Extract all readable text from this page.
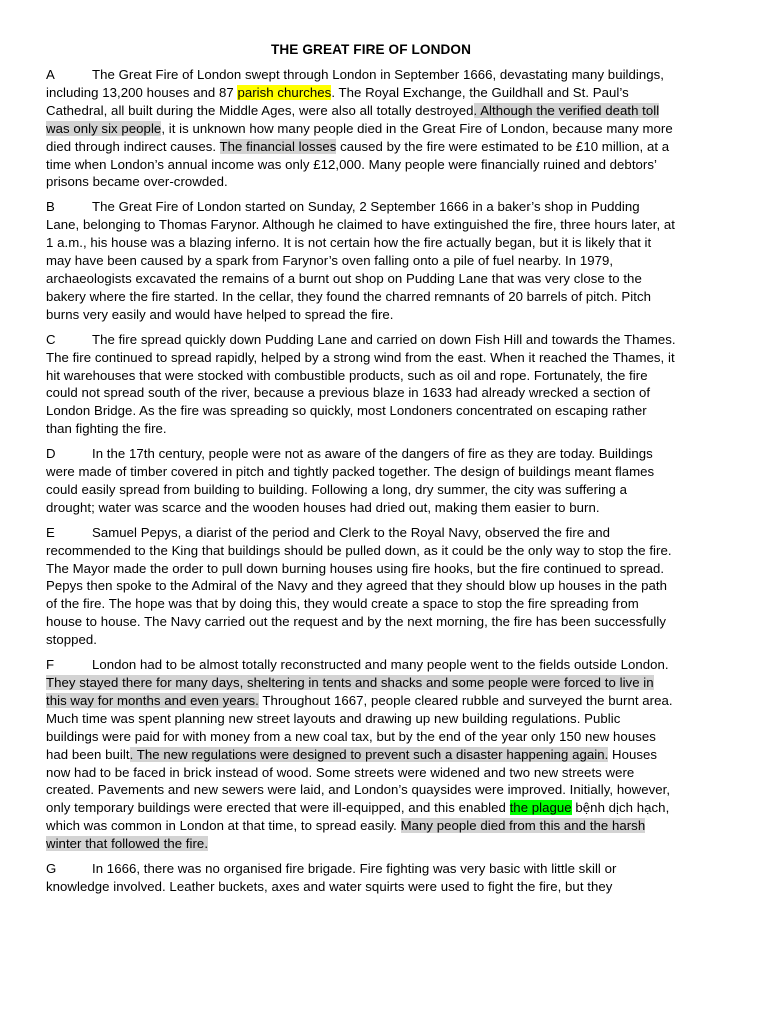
THE GREAT FIRE OF LONDON

A	The Great Fire of London swept through London in September 1666, devastating many buildings, including 13,200 houses and 87 parish churches. The Royal Exchange, the Guildhall and St. Paul’s Cathedral, all built during the Middle Ages, were also all totally destroyed. Although the verified death toll was only six people, it is unknown how many people died in the Great Fire of London, because many more died through indirect causes. The financial losses caused by the fire were estimated to be £10 million, at a time when London’s annual income was only £12,000. Many people were financially ruined and debtors’ prisons became over-crowded.

B	The Great Fire of London started on Sunday, 2 September 1666 in a baker’s shop in Pudding Lane, belonging to Thomas Farynor. Although he claimed to have extinguished the fire, three hours later, at 1 a.m., his house was a blazing inferno. It is not certain how the fire actually began, but it is likely that it may have been caused by a spark from Farynor’s oven falling onto a pile of fuel nearby. In 1979, archaeologists excavated the remains of a burnt out shop on Pudding Lane that was very close to the bakery where the fire started. In the cellar, they found the charred remnants of 20 barrels of pitch. Pitch burns very easily and would have helped to spread the fire.

C	The fire spread quickly down Pudding Lane and carried on down Fish Hill and towards the Thames. The fire continued to spread rapidly, helped by a strong wind from the east. When it reached the Thames, it hit warehouses that were stocked with combustible products, such as oil and rope. Fortunately, the fire could not spread south of the river, because a previous blaze in 1633 had already wrecked a section of London Bridge. As the fire was spreading so quickly, most Londoners concentrated on escaping rather than fighting the fire.

D	In the 17th century, people were not as aware of the dangers of fire as they are today. Buildings were made of timber covered in pitch and tightly packed together. The design of buildings meant flames could easily spread from building to building. Following a long, dry summer, the city was suffering a drought; water was scarce and the wooden houses had dried out, making them easier to burn.

E	Samuel Pepys, a diarist of the period and Clerk to the Royal Navy, observed the fire and recommended to the King that buildings should be pulled down, as it could be the only way to stop the fire. The Mayor made the order to pull down burning houses using fire hooks, but the fire continued to spread. Pepys then spoke to the Admiral of the Navy and they agreed that they should blow up houses in the path of the fire. The hope was that by doing this, they would create a space to stop the fire spreading from house to house. The Navy carried out the request and by the next morning, the fire has been successfully stopped.

F	London had to be almost totally reconstructed and many people went to the fields outside London. They stayed there for many days, sheltering in tents and shacks and some people were forced to live in this way for months and even years. Throughout 1667, people cleared rubble and surveyed the burnt area. Much time was spent planning new street layouts and drawing up new building regulations. Public buildings were paid for with money from a new coal tax, but by the end of the year only 150 new houses had been built. The new regulations were designed to prevent such a disaster happening again. Houses now had to be faced in brick instead of wood. Some streets were widened and two new streets were created. Pavements and new sewers were laid, and London’s quaysides were improved. Initially, however, only temporary buildings were erected that were ill-equipped, and this enabled the plague bệnh dịch hạch, which was common in London at that time, to spread easily. Many people died from this and the harsh winter that followed the fire.

G	In 1666, there was no organised fire brigade. Fire fighting was very basic with little skill or knowledge involved. Leather buckets, axes and water squirts were used to fight the fire, but they
